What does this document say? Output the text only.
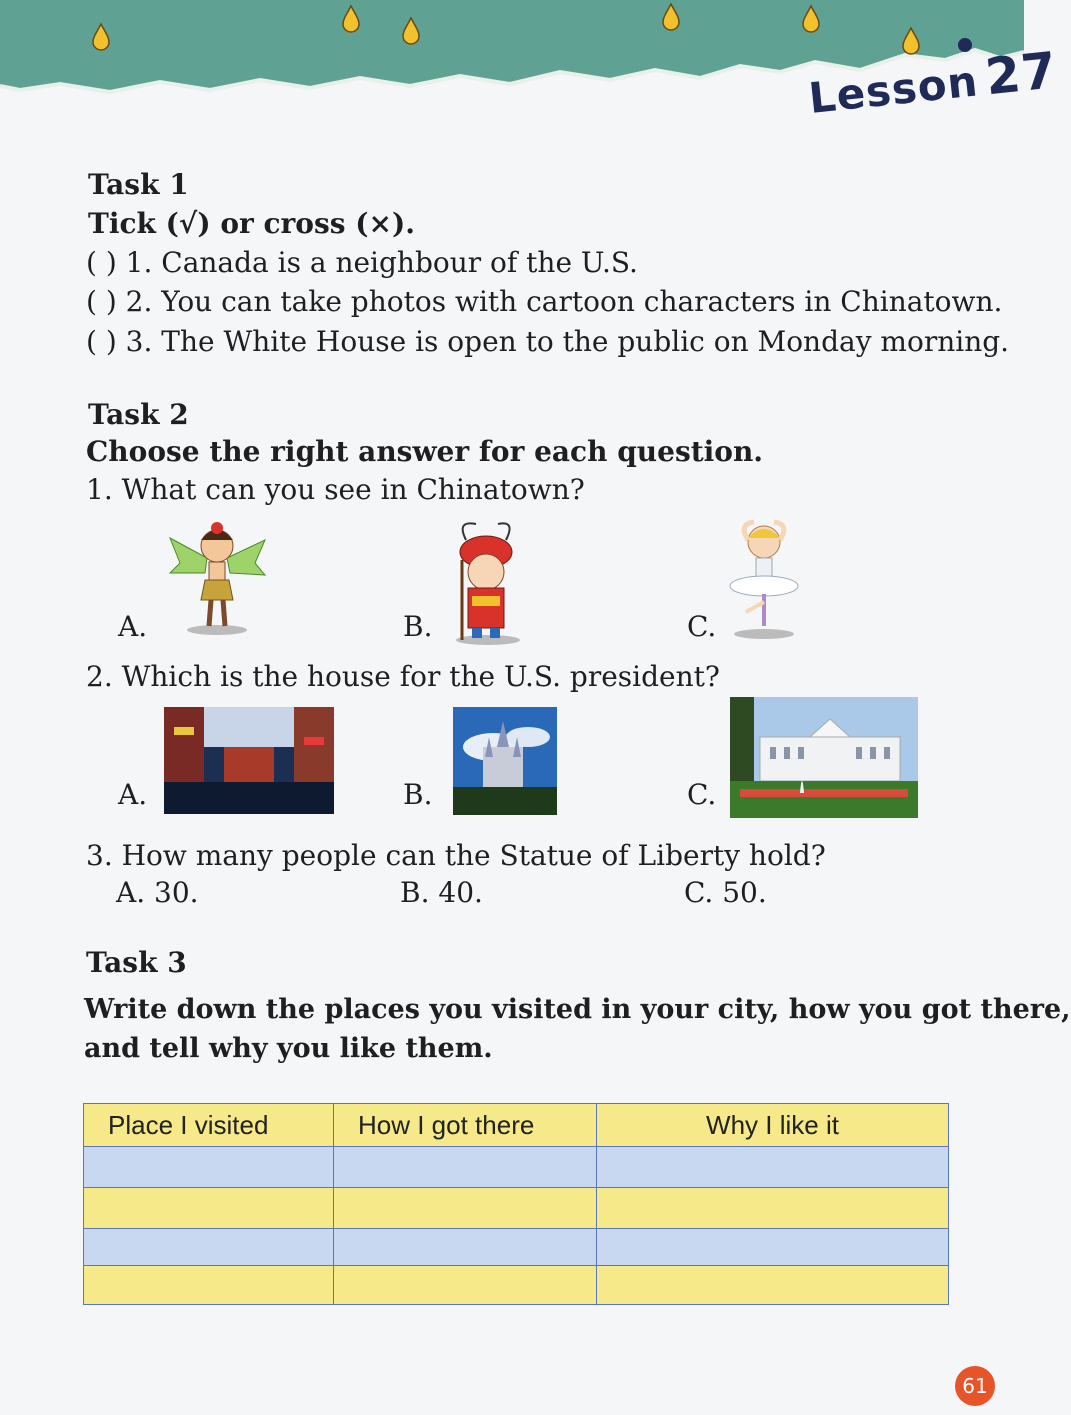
Lesson27
Task 1
Tick (√) or cross (×).
( ) 1. Canada is a neighbour of the U.S.
( ) 2. You can take photos with cartoon characters in Chinatown.
( ) 3. The White House is open to the public on Monday morning.
Task 2
Choose the right answer for each question.
1. What can you see in Chinatown?
A.	B.	C.
2. Which is the house for the U.S. president?
A.	B.	C.
3. How many people can the Statue of Liberty hold?
A. 30.	B. 40.	C. 50.
Task 3
Write down the places you visited in your city, how you got there,
and tell why you like them.
Place I visited	How I got there	Why I like it

61
